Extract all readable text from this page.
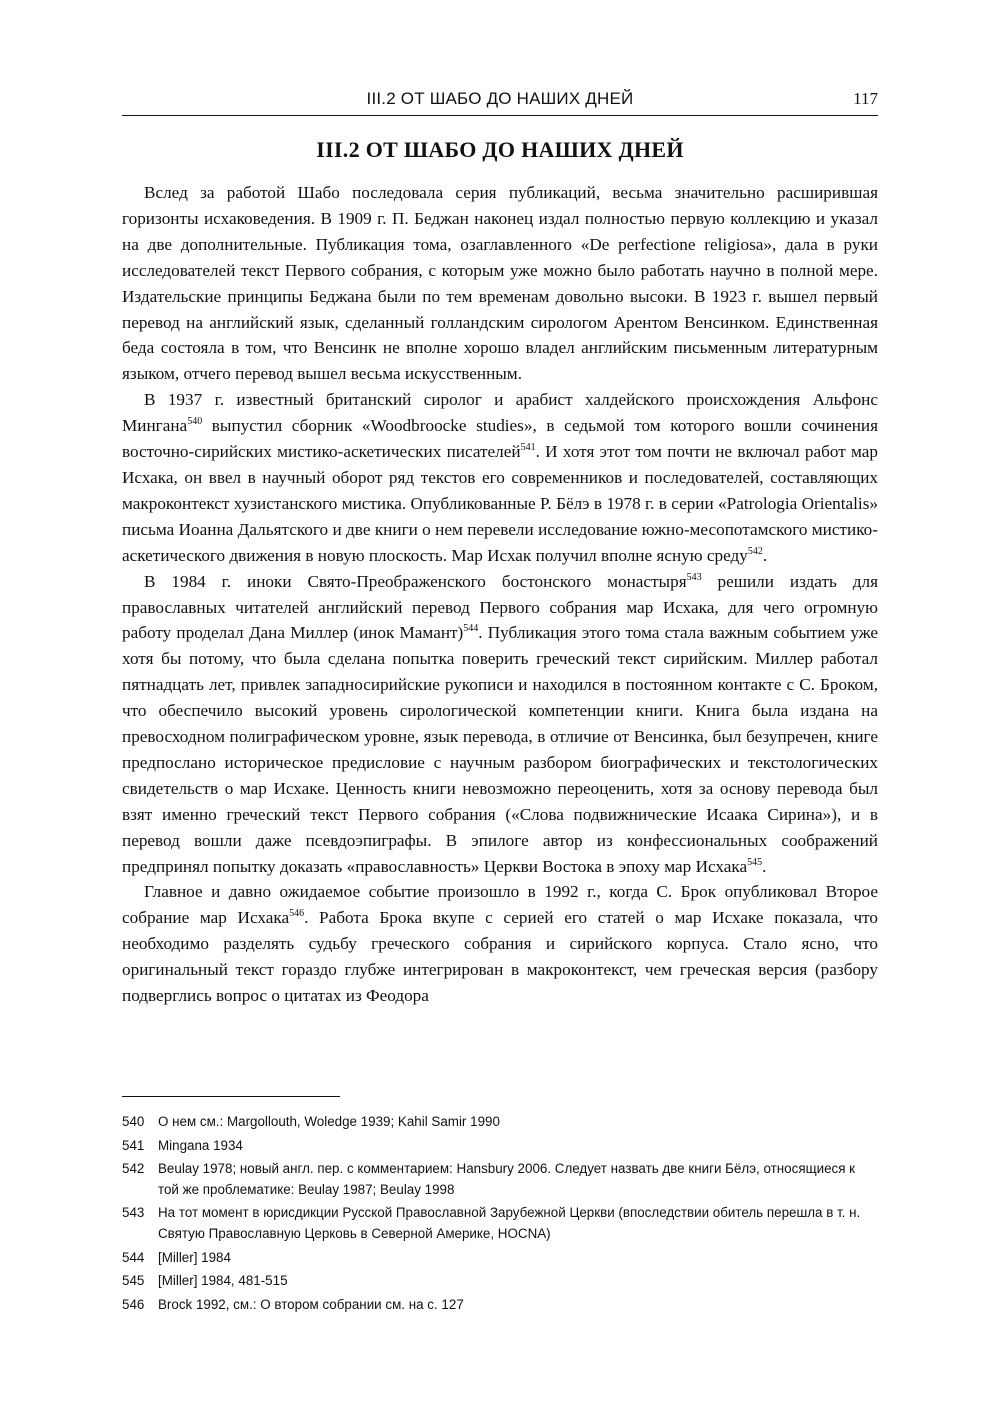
III.2 ОТ ШАБО ДО НАШИХ ДНЕЙ	117
III.2 ОТ ШАБО ДО НАШИХ ДНЕЙ

Вслед за работой Шабо последовала серия публикаций, весьма значительно расширившая горизонты исхаковедения. В 1909 г. П. Беджан наконец издал полностью первую коллекцию и указал на две дополнительные. Публикация тома, озаглавленного «De perfectione religiosa», дала в руки исследователей текст Первого собрания, с которым уже можно было работать научно в полной мере. Издательские принципы Беджана были по тем временам довольно высоки. В 1923 г. вышел первый перевод на английский язык, сделанный голландским сирологом Арентом Венсинком. Единственная беда состояла в том, что Венсинк не вполне хорошо владел английским письменным литературным языком, отчего перевод вышел весьма искусственным.

В 1937 г. известный британский сиролог и арабист халдейского происхождения Альфонс Мингана$^{540}$ выпустил сборник «Woodbroocke studies», в седьмой том которого вошли сочинения восточно-сирийских мистико-аскетических писателей$^{541}$. И хотя этот том почти не включал работ мар Исхака, он ввел в научный оборот ряд текстов его современников и последователей, составляющих макроконтекст хузистанского мистика. Опубликованные Р. Бёлэ в 1978 г. в серии «Patrologia Orientalis» письма Иоанна Дальятского и две книги о нем перевели исследование южно-месопотамского мистико-аскетического движения в новую плоскость. Мар Исхак получил вполне ясную среду$^{542}$.

В 1984 г. иноки Свято-Преображенского бостонского монастыря$^{543}$ решили издать для православных читателей английский перевод Первого собрания мар Исхака, для чего огромную работу проделал Дана Миллер (инок Мамант)$^{544}$. Публикация этого тома стала важным событием уже хотя бы потому, что была сделана попытка поверить греческий текст сирийским. Миллер работал пятнадцать лет, привлек западносирийские рукописи и находился в постоянном контакте с С. Броком, что обеспечило высокий уровень сирологической компетенции книги. Книга была издана на превосходном полиграфическом уровне, язык перевода, в отличие от Венсинка, был безупречен, книге предпослано историческое предисловие с научным разбором биографических и текстологических свидетельств о мар Исхаке. Ценность книги невозможно переоценить, хотя за основу перевода был взят именно греческий текст Первого собрания («Слова подвижнические Исаака Сирина»), и в перевод вошли даже псевдоэпиграфы. В эпилоге автор из конфессиональных соображений предпринял попытку доказать «православность» Церкви Востока в эпоху мар Исхака$^{545}$.

Главное и давно ожидаемое событие произошло в 1992 г., когда С. Брок опубликовал Второе собрание мар Исхака$^{546}$. Работа Брока вкупе с серией его статей о мар Исхаке показала, что необходимо разделять судьбу греческого собрания и сирийского корпуса. Стало ясно, что оригинальный текст гораздо глубже интегрирован в макроконтекст, чем греческая версия (разбору подверглись вопрос о цитатах из Феодора

540	О нем см.: Margollouth, Woledge 1939; Kahil Samir 1990
541	Mingana 1934
542	Beulay 1978; новый англ. пер. с комментарием: Hansbury 2006. Следует назвать две книги Бёлэ, относящиеся к той же проблематике: Beulay 1987; Beulay 1998
543	На тот момент в юрисдикции Русской Православной Зарубежной Церкви (впоследствии обитель перешла в т. н. Святую Православную Церковь в Северной Америке, HOCNA)
544	[Miller] 1984
545	[Miller] 1984, 481-515
546	Brock 1992, см.: О втором собрании см. на с. 127
